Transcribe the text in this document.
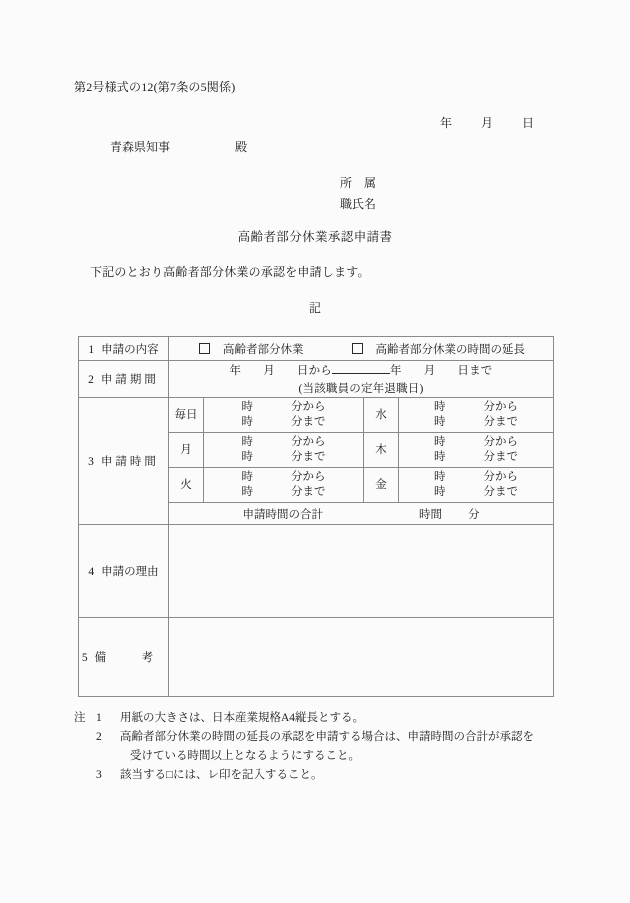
第2号様式の12(第7条の5関係)
年 月 日
青森県知事	殿
所　属
職氏名
高齢者部分休業承認申請書
下記のとおり高齢者部分休業の承認を申請します。
記
1 申請の内容	高齢者部分休業 高齢者部分休業の時間の延長			

2 申請期間	年 月 日から 年 月 日まで
(当該職員の定年退職日)			

3 申請時間	毎日	時 分から
時 分まで	水	時 分から
時 分まで

	月	時 分から
時 分まで	木	時 分から
時 分まで

	火	時 分から
時 分まで	金	時 分から
時 分まで

	申請時間の合計 時間 分			

4 申請の理由				
5 備　考				
注 1	用紙の大きさは、日本産業規格A4縦長とする。
2	高齢者部分休業の時間の延長の承認を申請する場合は、申請時間の合計が承認を
受けている時間以上となるようにすること。
3	該当する□には、レ印を記入すること。
